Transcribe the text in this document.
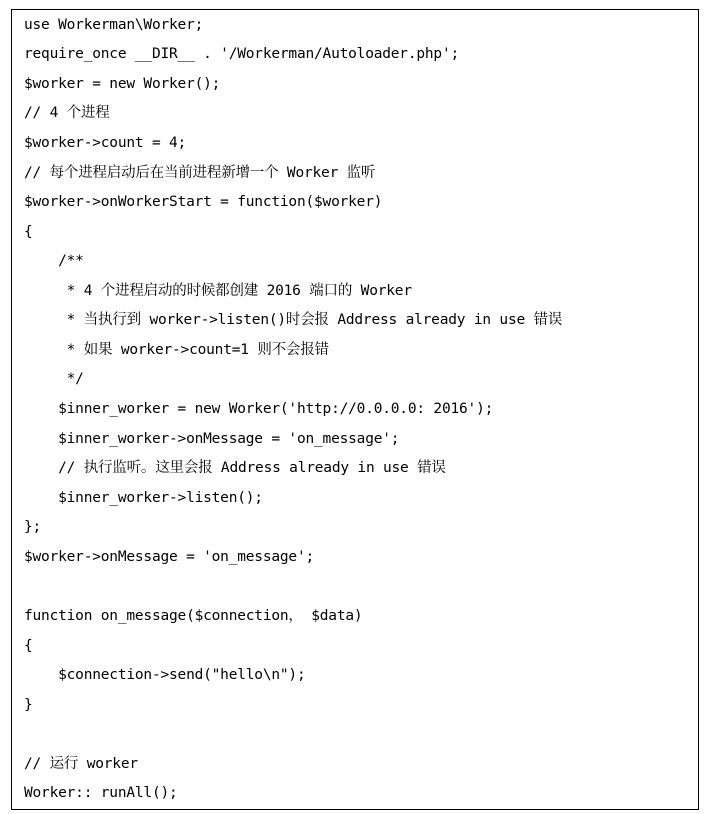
use Workerman\Worker;
require_once __DIR__ . '/Workerman/Autoloader.php';
$worker = new Worker();
// 4 个进程
$worker->count = 4;
// 每个进程启动后在当前进程新增一个 Worker 监听
$worker->onWorkerStart = function($worker)
{
/**
* 4 个进程启动的时候都创建 2016 端口的 Worker
* 当执行到 worker->listen()时会报 Address already in use 错误
* 如果 worker->count=1 则不会报错
*/
$inner_worker = new Worker('http://0.0.0.0: 2016');
$inner_worker->onMessage = 'on_message';
// 执行监听。这里会报 Address already in use 错误
$inner_worker->listen();
};
$worker->onMessage = 'on_message';
function on_message($connection， $data)
{
$connection->send("hello\n");
}
// 运行 worker
Worker:: runAll();
